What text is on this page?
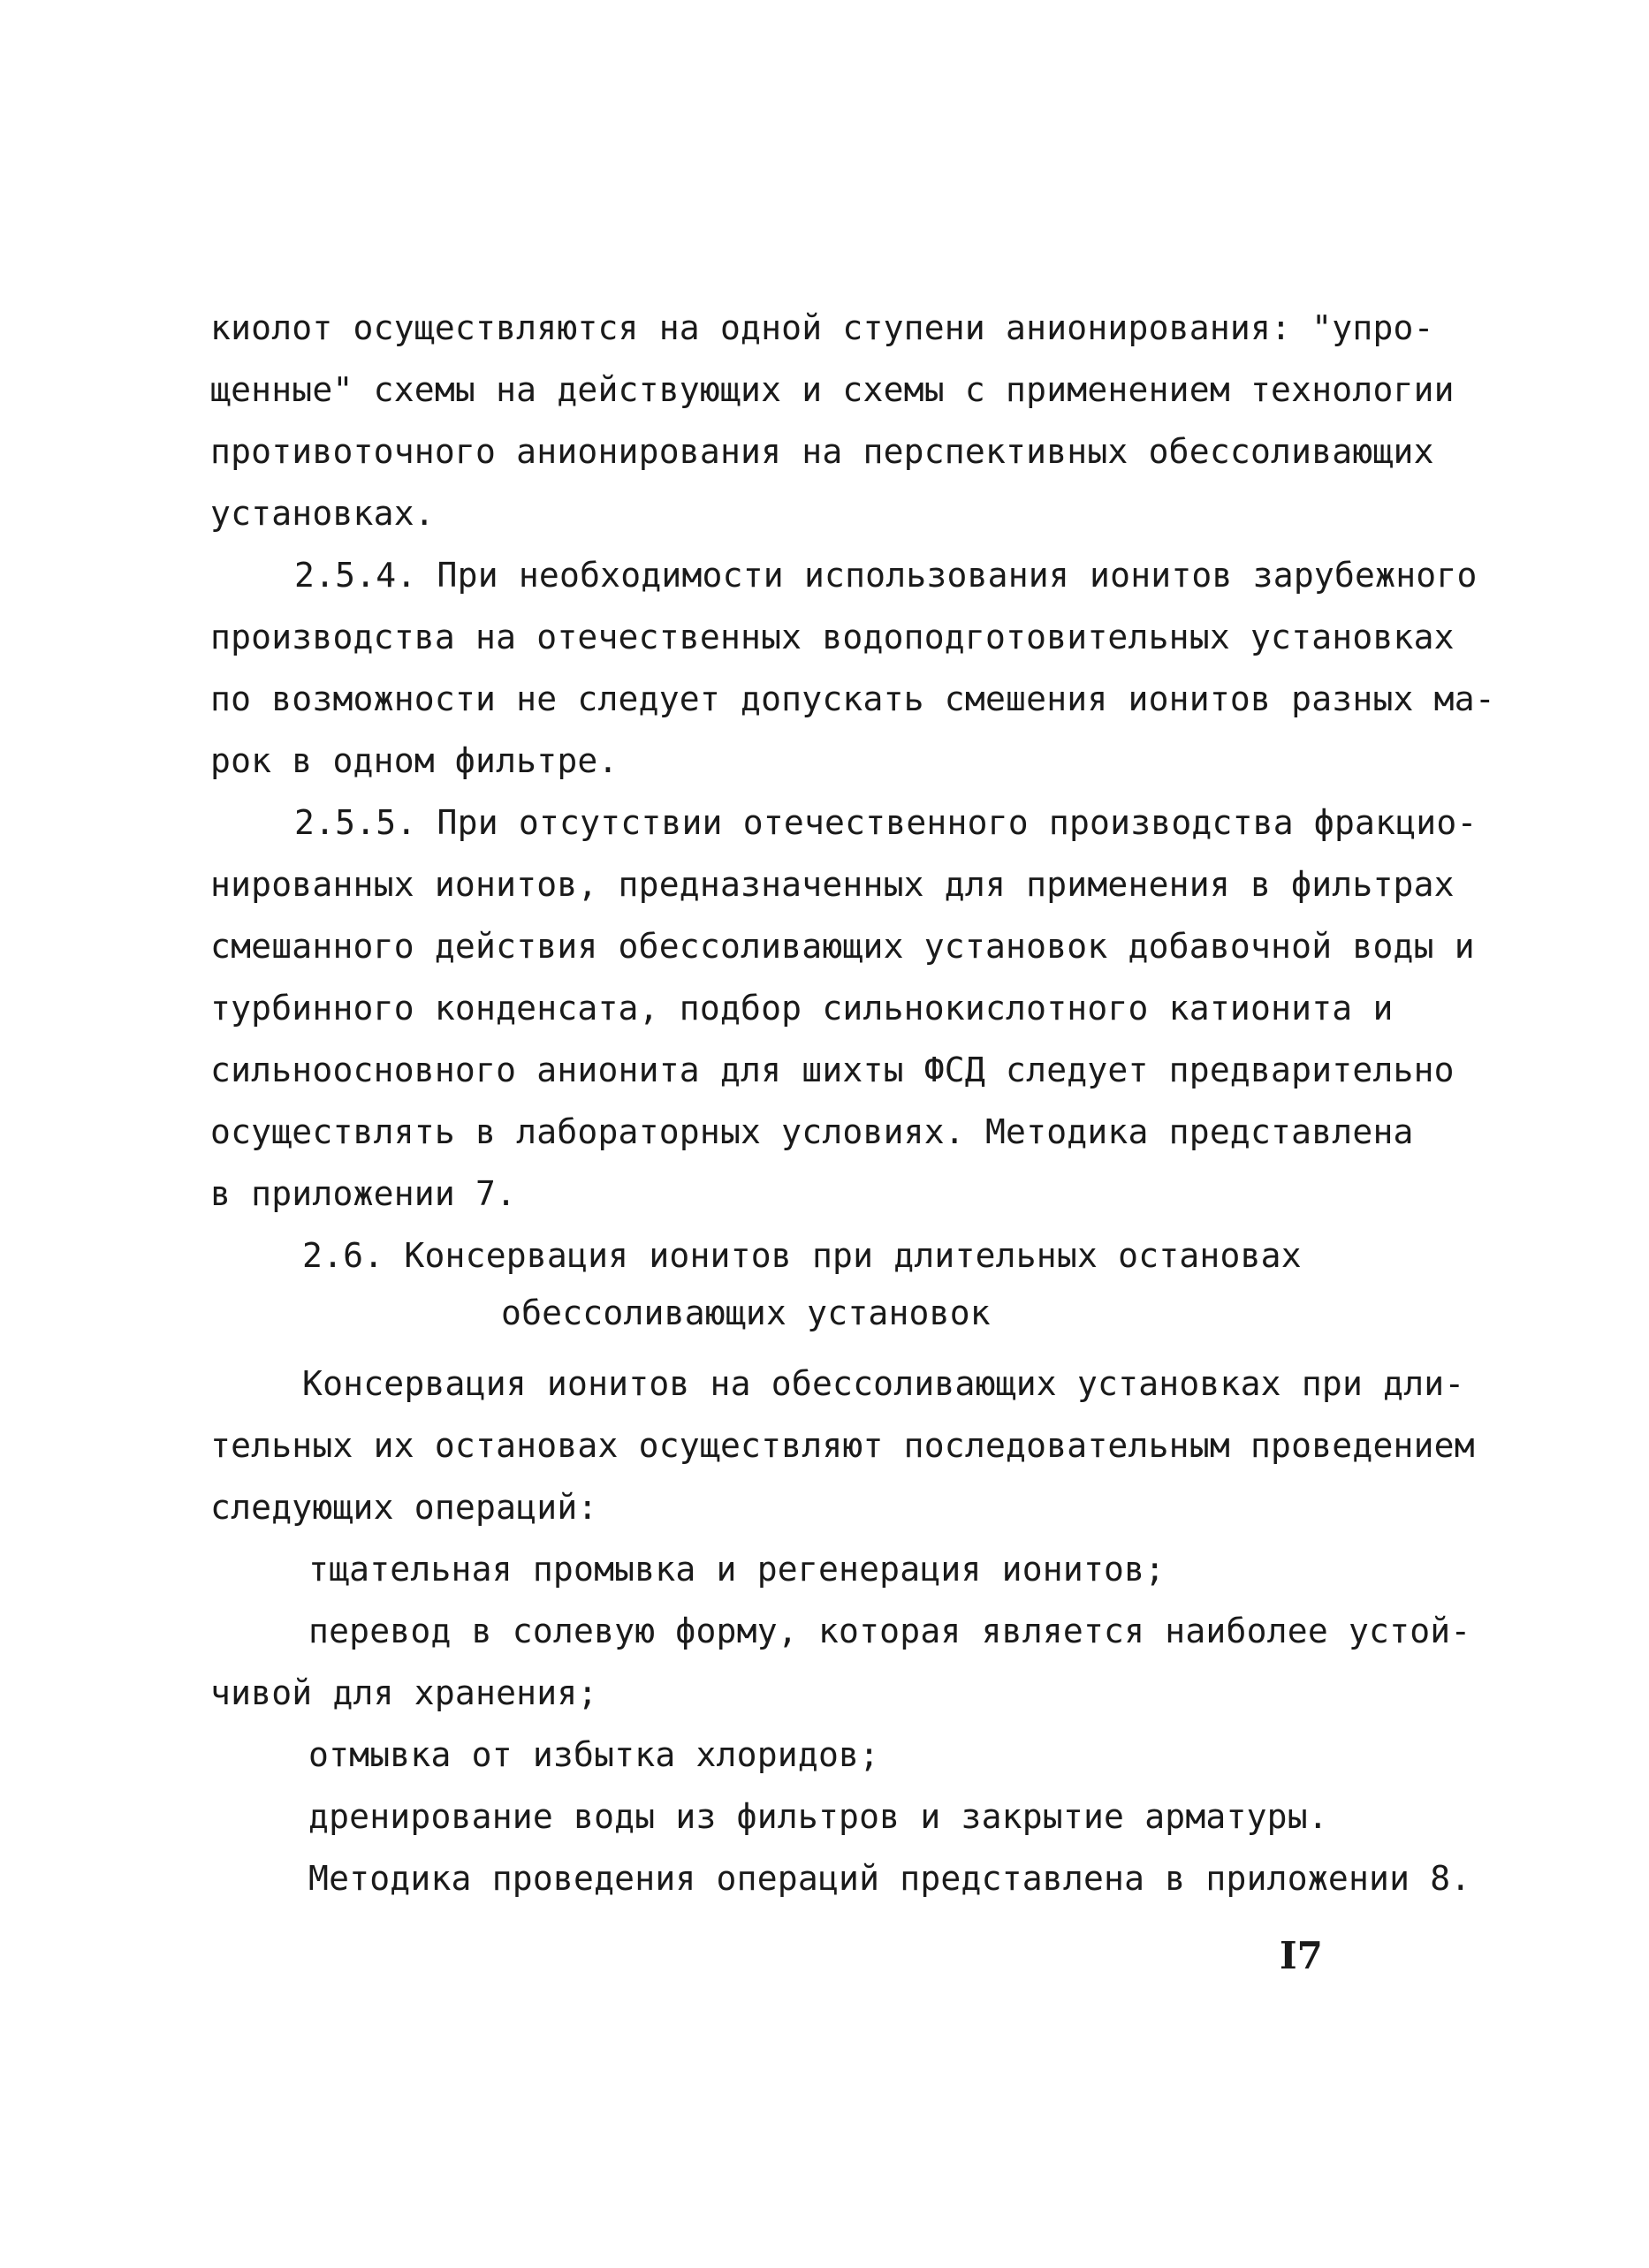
киолот осуществляются на одной ступени анионирования: "упро-
щенные" схемы на действующих и схемы с применением технологии
противоточного анионирования на перспективных обессоливающих
установках.
2.5.4. При необходимости использования ионитов зарубежного
производства на отечественных водоподготовительных установках
по возможности не следует допускать смешения ионитов разных ма-
рок в одном фильтре.
2.5.5. При отсутствии отечественного производства фракцио-
нированных ионитов, предназначенных для применения в фильтрах
смешанного действия обессоливающих установок добавочной воды и
турбинного конденсата, подбор сильнокислотного катионита и
сильноосновного анионита для шихты ФСД следует предварительно
осуществлять в лабораторных условиях. Методика представлена
в приложении 7.
2.6. Консервация ионитов при длительных остановах
обессоливающих установок
Консервация ионитов на обессоливающих установках при дли-
тельных их остановах осуществляют последовательным проведением
следующих операций:
тщательная промывка и регенерация ионитов;
перевод в солевую форму, которая является наиболее устой-
чивой для хранения;
отмывка от избытка хлоридов;
дренирование воды из фильтров и закрытие арматуры.
Методика проведения операций представлена в приложении 8.
I7
